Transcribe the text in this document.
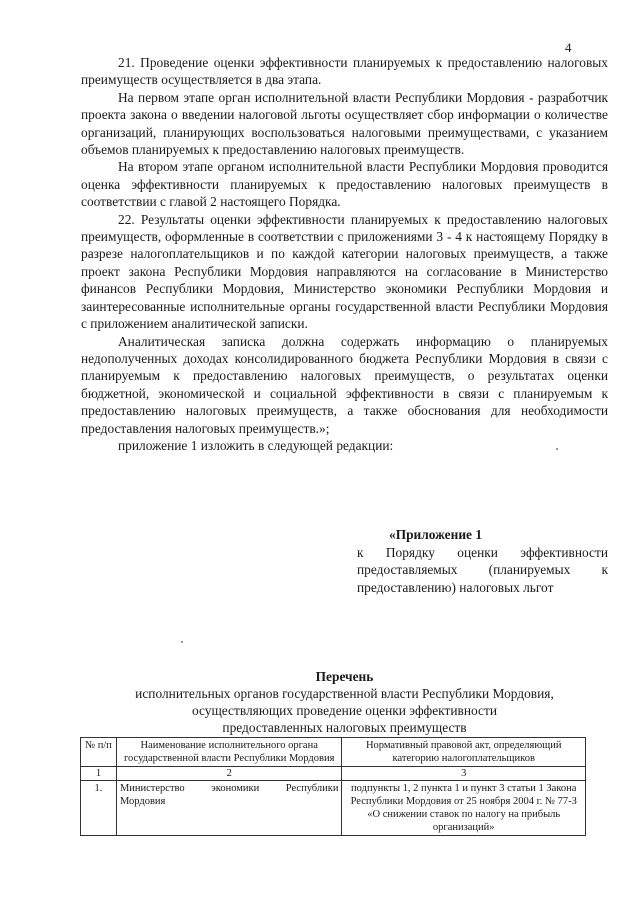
4

21. Проведение оценки эффективности планируемых к предоставлению налоговых преимуществ осуществляется в два этапа.

На первом этапе орган исполнительной власти Республики Мордовия - разработчик проекта закона о введении налоговой льготы осуществляет сбор информации о количестве организаций, планирующих воспользоваться налоговыми преимуществами, с указанием объемов планируемых к предоставлению налоговых преимуществ.

На втором этапе органом исполнительной власти Республики Мордовия проводится оценка эффективности планируемых к предоставлению налоговых преимуществ в соответствии с главой 2 настоящего Порядка.

22. Результаты оценки эффективности планируемых к предоставлению налоговых преимуществ, оформленные в соответствии с приложениями 3 - 4 к настоящему Порядку в разрезе налогоплательщиков и по каждой категории налоговых преимуществ, а также проект закона Республики Мордовия направляются на согласование в Министерство финансов Республики Мордовия, Министерство экономики Республики Мордовия и заинтересованные исполнительные органы государственной власти Республики Мордовия с приложением аналитической записки.

Аналитическая записка должна содержать информацию о планируемых недополученных доходах консолидированного бюджета Республики Мордовия в связи с планируемым к предоставлению налоговых преимуществ, о результатах оценки бюджетной, экономической и социальной эффективности в связи с планируемым к предоставлению налоговых преимуществ, а также обоснования для необходимости предоставления налоговых преимуществ.»;

приложение 1 изложить в следующей редакции:

«Приложение 1
к Порядку оценки эффективности предоставляемых (планируемых к предоставлению) налоговых льгот
Перечень
исполнительных органов государственной власти Республики Мордовия,
осуществляющих проведение оценки эффективности
предоставленных налоговых преимуществ
№ п/п	Наименование исполнительного органа государственной власти Республики Мордовия	Нормативный правовой акт, определяющий категорию налогоплательщиков
1	2	3
1.	Министерство экономики Республики Мордовия	подпункты 1, 2 пункта 1 и пункт 3 статьи 1 Закона Республики Мордовия от 25 ноября 2004 г. № 77-З «О снижении ставок по налогу на прибыль организаций»
